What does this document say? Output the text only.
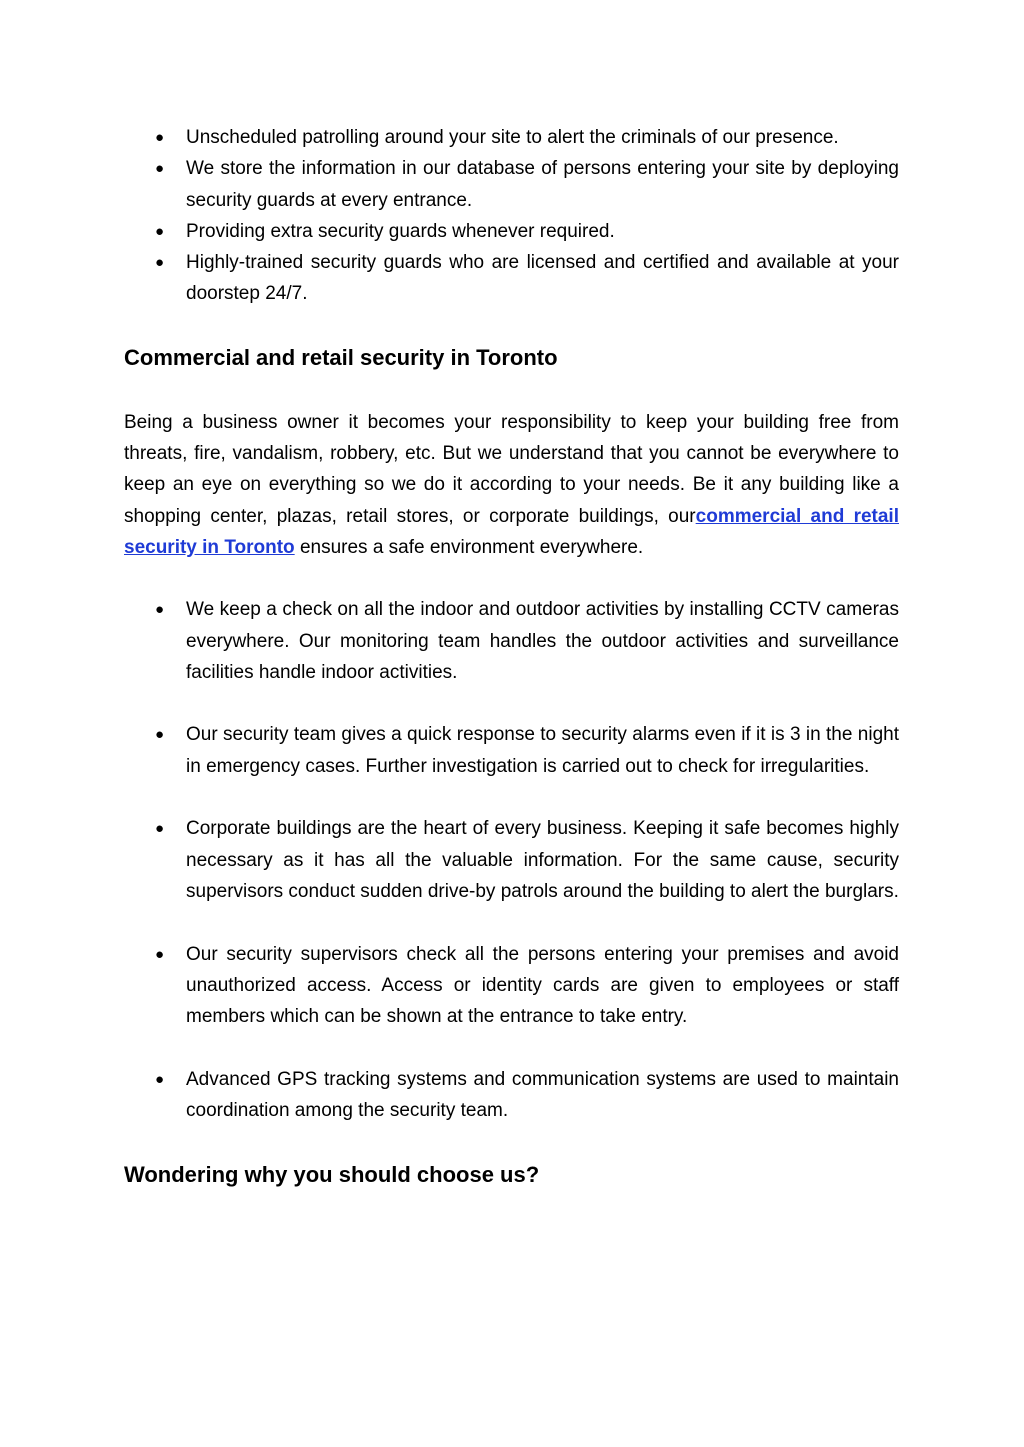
● Unscheduled patrolling around your site to alert the criminals of our presence.
● We store the information in our database of persons entering your site by deploying security guards at every entrance.
● Providing extra security guards whenever required.
● Highly-trained security guards who are licensed and certified and available at your doorstep 24/7.
Commercial and retail security in Toronto

Being a business owner it becomes your responsibility to keep your building free from threats, fire, vandalism, robbery, etc. But we understand that you cannot be everywhere to keep an eye on everything so we do it according to your needs. Be it any building like a shopping center, plazas, retail stores, or corporate buildings, ourcommercial and retail security in Toronto ensures a safe environment everywhere.

● We keep a check on all the indoor and outdoor activities by installing CCTV cameras everywhere. Our monitoring team handles the outdoor activities and surveillance facilities handle indoor activities.
● Our security team gives a quick response to security alarms even if it is 3 in the night in emergency cases. Further investigation is carried out to check for irregularities.
● Corporate buildings are the heart of every business. Keeping it safe becomes highly necessary as it has all the valuable information. For the same cause, security supervisors conduct sudden drive-by patrols around the building to alert the burglars.
● Our security supervisors check all the persons entering your premises and avoid unauthorized access. Access or identity cards are given to employees or staff members which can be shown at the entrance to take entry.
● Advanced GPS tracking systems and communication systems are used to maintain coordination among the security team.
Wondering why you should choose us?
